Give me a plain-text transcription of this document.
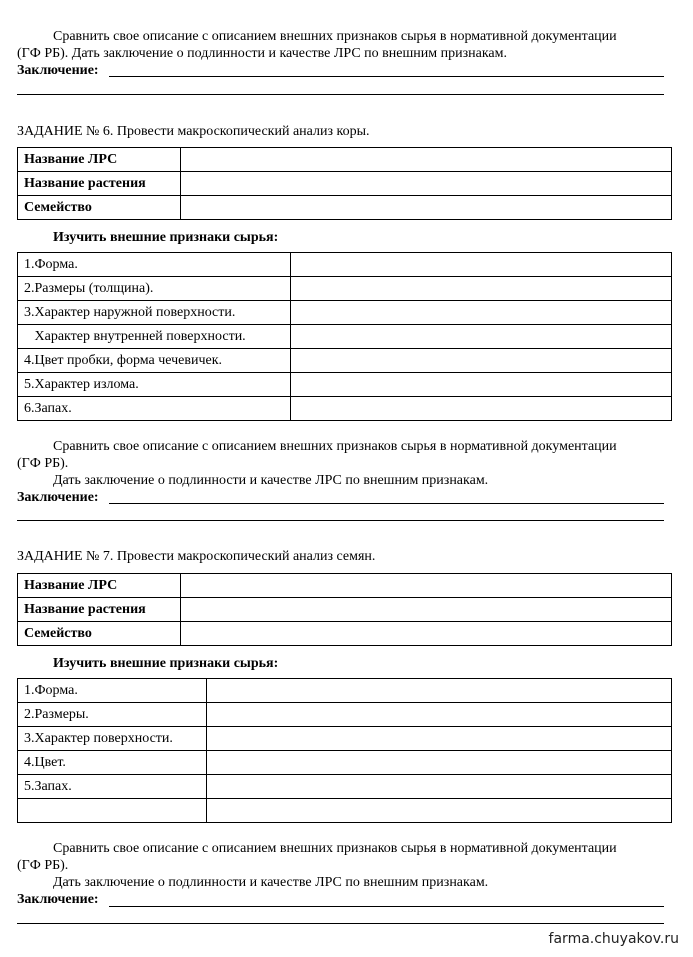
Сравнить свое описание с описанием внешних признаков сырья в нормативной документации
(ГФ РБ). Дать заключение о подлинности и качестве ЛРС по внешним признакам.
Заключение:
ЗАДАНИЕ № 6. Провести макроскопический анализ коры.
Название ЛРС	
Название растения	
Семейство	
Изучить внешние признаки сырья:
1.Форма.	
2.Размеры (толщина).	
3.Характер наружной поверхности.	
Характер внутренней поверхности.	
4.Цвет пробки, форма чечевичек.	
5.Характер излома.	
6.Запах.	
Сравнить свое описание с описанием внешних признаков сырья в нормативной документации
(ГФ РБ).
Дать заключение о подлинности и качестве ЛРС по внешним признакам.
Заключение:
ЗАДАНИЕ № 7. Провести макроскопический анализ семян.
Название ЛРС	
Название растения	
Семейство	
Изучить внешние признаки сырья:
1.Форма.	
2.Размеры.	
3.Характер поверхности.	
4.Цвет.	
5.Запах.	

Сравнить свое описание с описанием внешних признаков сырья в нормативной документации
(ГФ РБ).
Дать заключение о подлинности и качестве ЛРС по внешним признакам.
Заключение:
farma.chuyakov.ru
